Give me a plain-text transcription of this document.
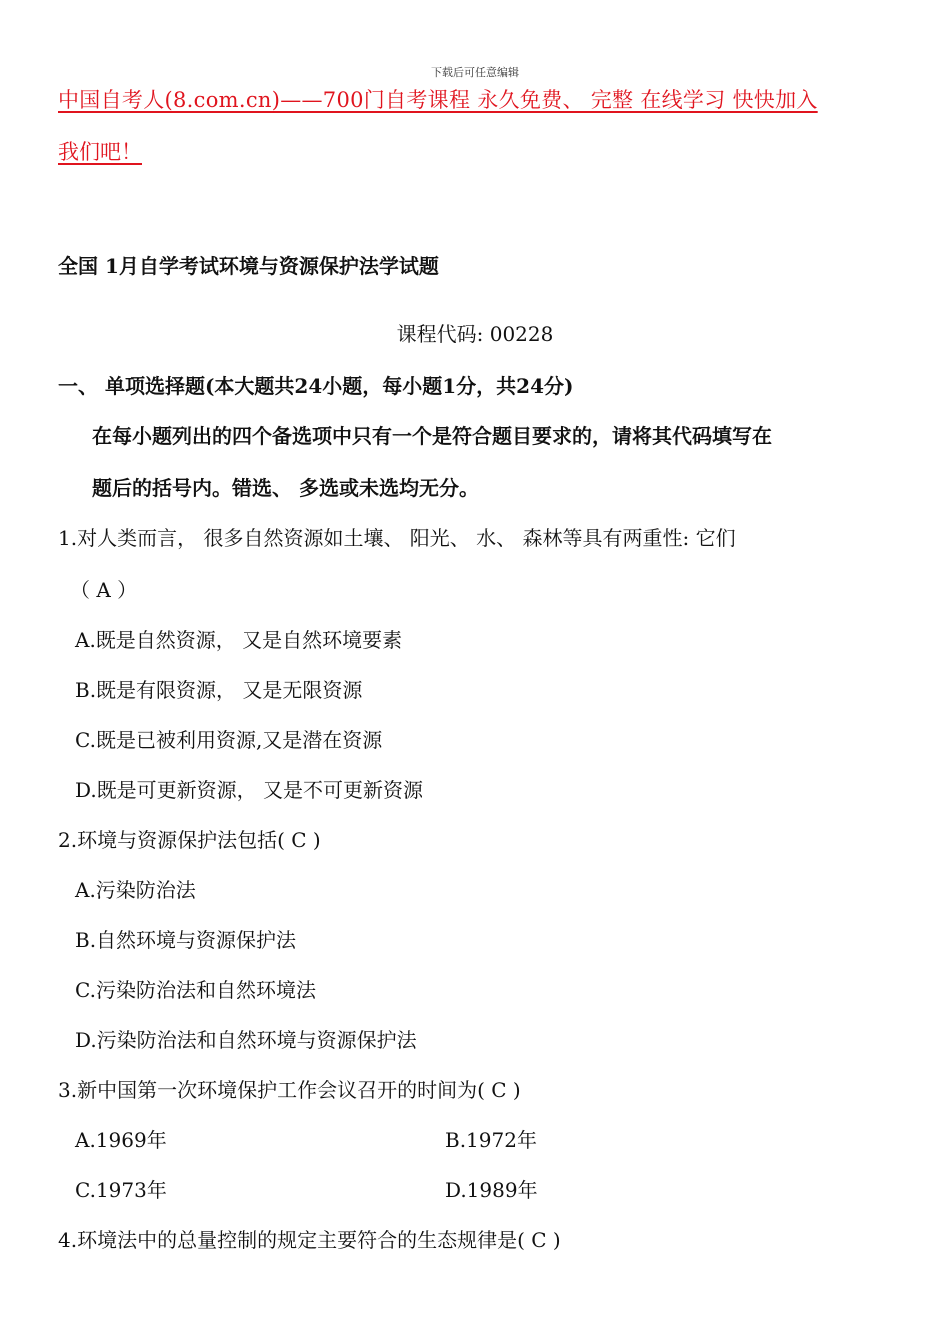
下载后可任意编辑
中国自考人(8.com.cn)——700门自考课程 永久免费、 完整 在线学习 快快加入
我们吧！
全国 1月自学考试环境与资源保护法学试题
课程代码: 00228
一、 单项选择题(本大题共24小题，每小题1分，共24分)
在每小题列出的四个备选项中只有一个是符合题目要求的，请将其代码填写在
题后的括号内。错选、 多选或未选均无分。
1.对人类而言， 很多自然资源如土壤、 阳光、 水、 森林等具有两重性: 它们
（ A ）
A.既是自然资源， 又是自然环境要素
B.既是有限资源， 又是无限资源
C.既是已被利用资源,又是潜在资源
D.既是可更新资源， 又是不可更新资源
2.环境与资源保护法包括( C )
A.污染防治法
B.自然环境与资源保护法
C.污染防治法和自然环境法
D.污染防治法和自然环境与资源保护法
3.新中国第一次环境保护工作会议召开的时间为( C )
A.1969年	B.1972年
C.1973年	D.1989年
4.环境法中的总量控制的规定主要符合的生态规律是( C )
